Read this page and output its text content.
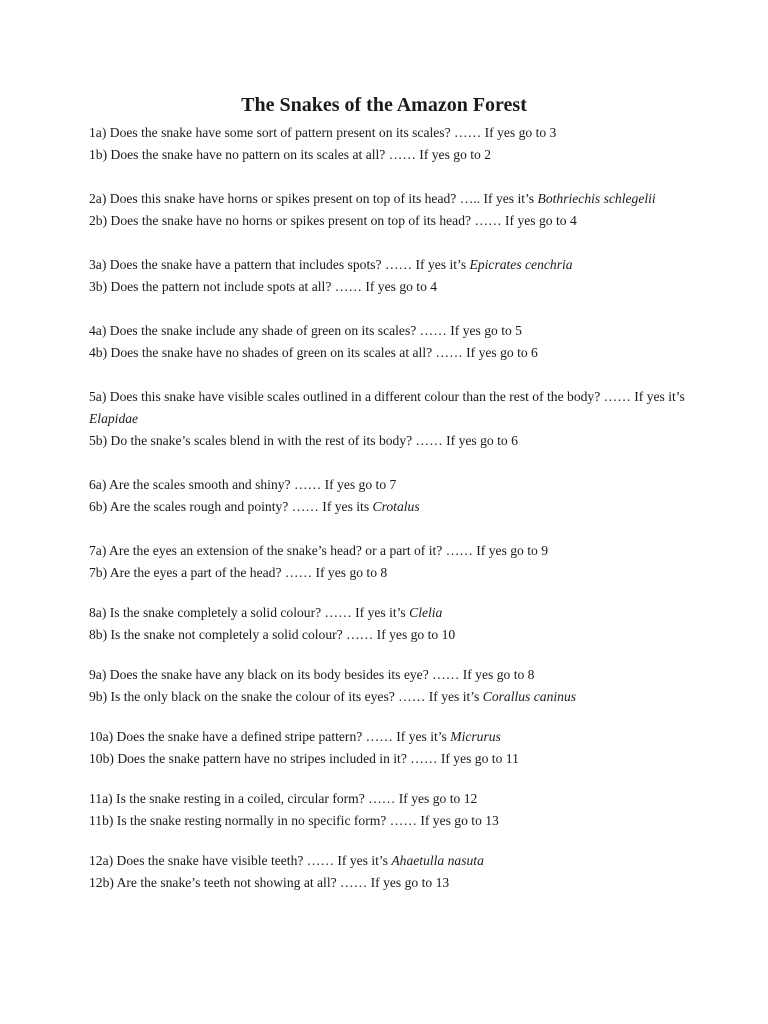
The Snakes of the Amazon Forest
1a) Does the snake have some sort of pattern present on its scales? …… If yes go to 3
1b) Does the snake have no pattern on its scales at all? …… If yes go to 2
2a) Does this snake have horns or spikes present on top of its head? ….. If yes it’s Bothriechis schlegelii
2b) Does the snake have no horns or spikes present on top of its head? …… If yes go to 4
3a) Does the snake have a pattern that includes spots? …… If yes it’s Epicrates cenchria
3b) Does the pattern not include spots at all? …… If yes go to 4
4a) Does the snake include any shade of green on its scales? …… If yes go to 5
4b) Does the snake have no shades of green on its scales at all? …… If yes go to 6
5a) Does this snake have visible scales outlined in a different colour than the rest of the body? …… If yes it’s Elapidae
5b) Do the snake’s scales blend in with the rest of its body? …… If yes go to 6
6a) Are the scales smooth and shiny? …… If yes go to 7
6b) Are the scales rough and pointy? …… If yes its Crotalus
7a) Are the eyes an extension of the snake’s head? or a part of it? …… If yes go to 9
7b) Are the eyes a part of the head? …… If yes go to 8
8a) Is the snake completely a solid colour? …… If yes it’s Clelia
8b) Is the snake not completely a solid colour? …… If yes go to 10
9a) Does the snake have any black on its body besides its eye? …… If yes go to 8
9b) Is the only black on the snake the colour of its eyes? …… If yes it’s Corallus caninus
10a) Does the snake have a defined stripe pattern? …… If yes it’s Micrurus
10b) Does the snake pattern have no stripes included in it? …… If yes go to 11
11a) Is the snake resting in a coiled, circular form? …… If yes go to 12
11b) Is the snake resting normally in no specific form? …… If yes go to 13
12a) Does the snake have visible teeth? …… If yes it’s Ahaetulla nasuta
12b) Are the snake’s teeth not showing at all? …… If yes go to 13
